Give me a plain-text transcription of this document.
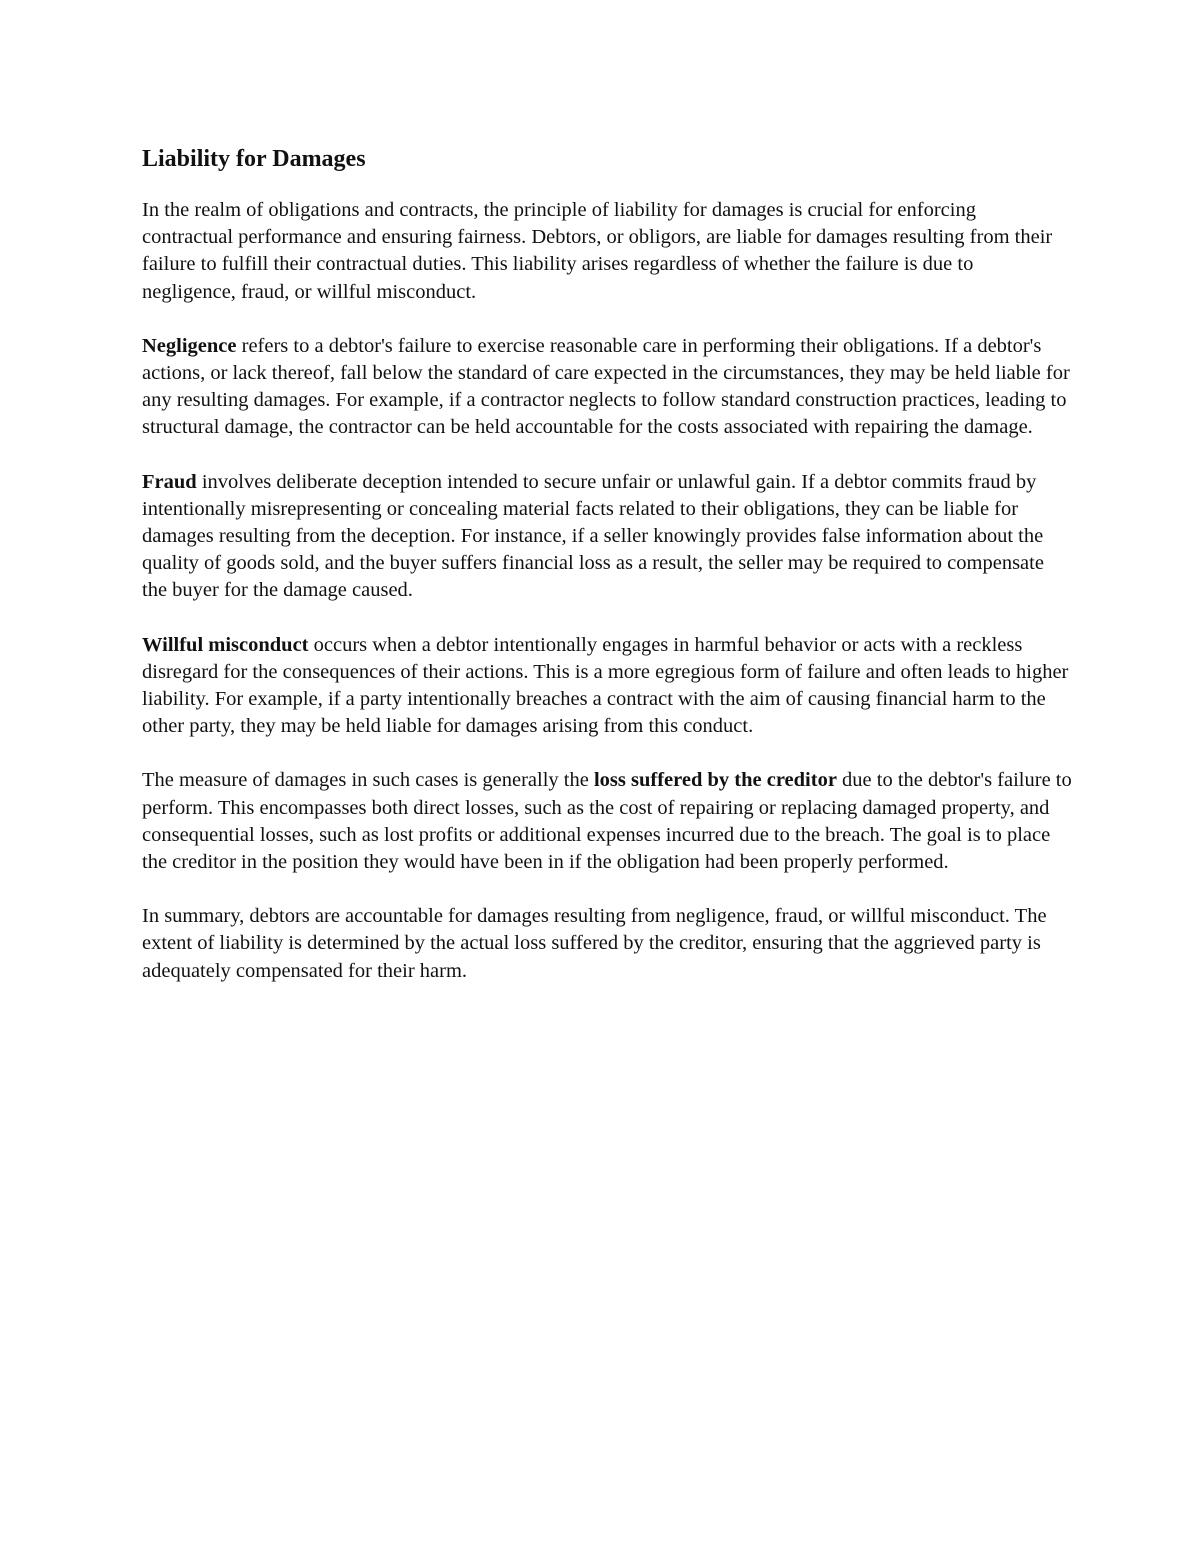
Liability for Damages

In the realm of obligations and contracts, the principle of liability for damages is crucial for enforcing contractual performance and ensuring fairness. Debtors, or obligors, are liable for damages resulting from their failure to fulfill their contractual duties. This liability arises regardless of whether the failure is due to negligence, fraud, or willful misconduct.

Negligence refers to a debtor's failure to exercise reasonable care in performing their obligations. If a debtor's actions, or lack thereof, fall below the standard of care expected in the circumstances, they may be held liable for any resulting damages. For example, if a contractor neglects to follow standard construction practices, leading to structural damage, the contractor can be held accountable for the costs associated with repairing the damage.

Fraud involves deliberate deception intended to secure unfair or unlawful gain. If a debtor commits fraud by intentionally misrepresenting or concealing material facts related to their obligations, they can be liable for damages resulting from the deception. For instance, if a seller knowingly provides false information about the quality of goods sold, and the buyer suffers financial loss as a result, the seller may be required to compensate the buyer for the damage caused.

Willful misconduct occurs when a debtor intentionally engages in harmful behavior or acts with a reckless disregard for the consequences of their actions. This is a more egregious form of failure and often leads to higher liability. For example, if a party intentionally breaches a contract with the aim of causing financial harm to the other party, they may be held liable for damages arising from this conduct.

The measure of damages in such cases is generally the loss suffered by the creditor due to the debtor's failure to perform. This encompasses both direct losses, such as the cost of repairing or replacing damaged property, and consequential losses, such as lost profits or additional expenses incurred due to the breach. The goal is to place the creditor in the position they would have been in if the obligation had been properly performed.

In summary, debtors are accountable for damages resulting from negligence, fraud, or willful misconduct. The extent of liability is determined by the actual loss suffered by the creditor, ensuring that the aggrieved party is adequately compensated for their harm.
